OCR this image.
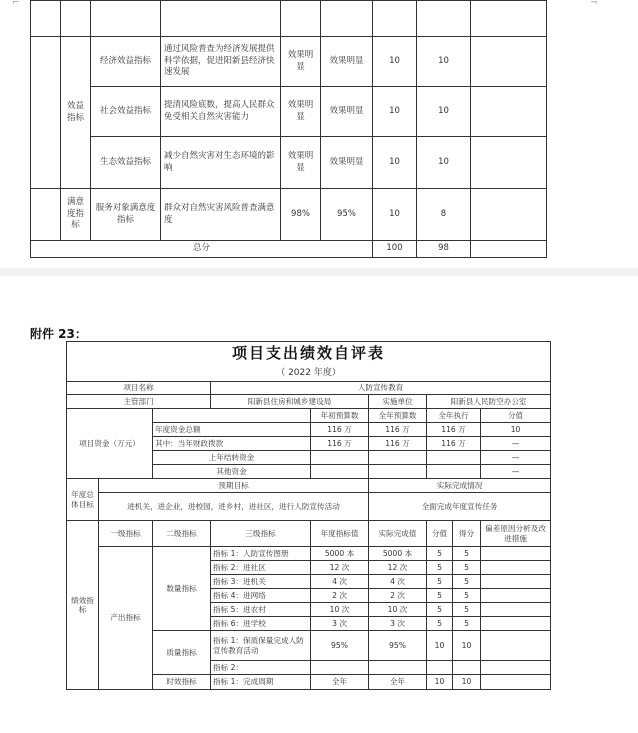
⌐	¬

	效益指标	经济效益指标	通过风险普查为经济发展提供科学依据，促进阳新县经济快速发展	效果明显	效果明显	10	10	
		社会效益指标	提清风险底数，提高人民群众免受相关自然灾害能力	效果明显	效果明显	10	10	
		生态效益指标	减少自然灾害对生态环境的影响	效果明显	效果明显	10	10	
	满意度指标	服务对象满意度指标	群众对自然灾害风险普查满意度	98%	95%	10	8	
总分						100	98	
附件 23：
项目支出绩效自评表								
（ 2022 年度）								
项目名称			人防宣传教育					
主管部门			阳新县住房和城乡建设局		实施单位	阳新县人民防空办公室		
项目资金（万元）				年初预算数	全年预算数	全年执行		分值
		年度资金总额		116 万	116 万	116 万		10
		其中：当年财政拨款		116 万	116 万	116 万		—
		上年结转资金						—
		其他资金						—
年度总体目标	预期目标				实际完成情况			
	进机关，进企业，进校园，进乡村，进社区，进行人防宣传活动				全面完成年度宣传任务			
绩效指标	一级指标	二级指标	三级指标	年度指标值	实际完成值	分值	得分	偏差原因分析及改进措施
	产出指标	数量指标	指标 1：人防宣传图册	5000 本	5000 本	5	5	
			指标 2：进社区	12 次	12 次	5	5	
			指标 3：进机关	4 次	4 次	5	5	
			指标 4：进网络	2 次	2 次	5	5	
			指标 5：进农村	10 次	10 次	5	5	
			指标 6：进学校	3 次	3 次	5	5	
		质量指标	指标 1：保质保量完成人防宣传教育活动	95%	95%	10	10	
			指标 2：					
		时效指标	指标 1：完成周期	全年	全年	10	10	
